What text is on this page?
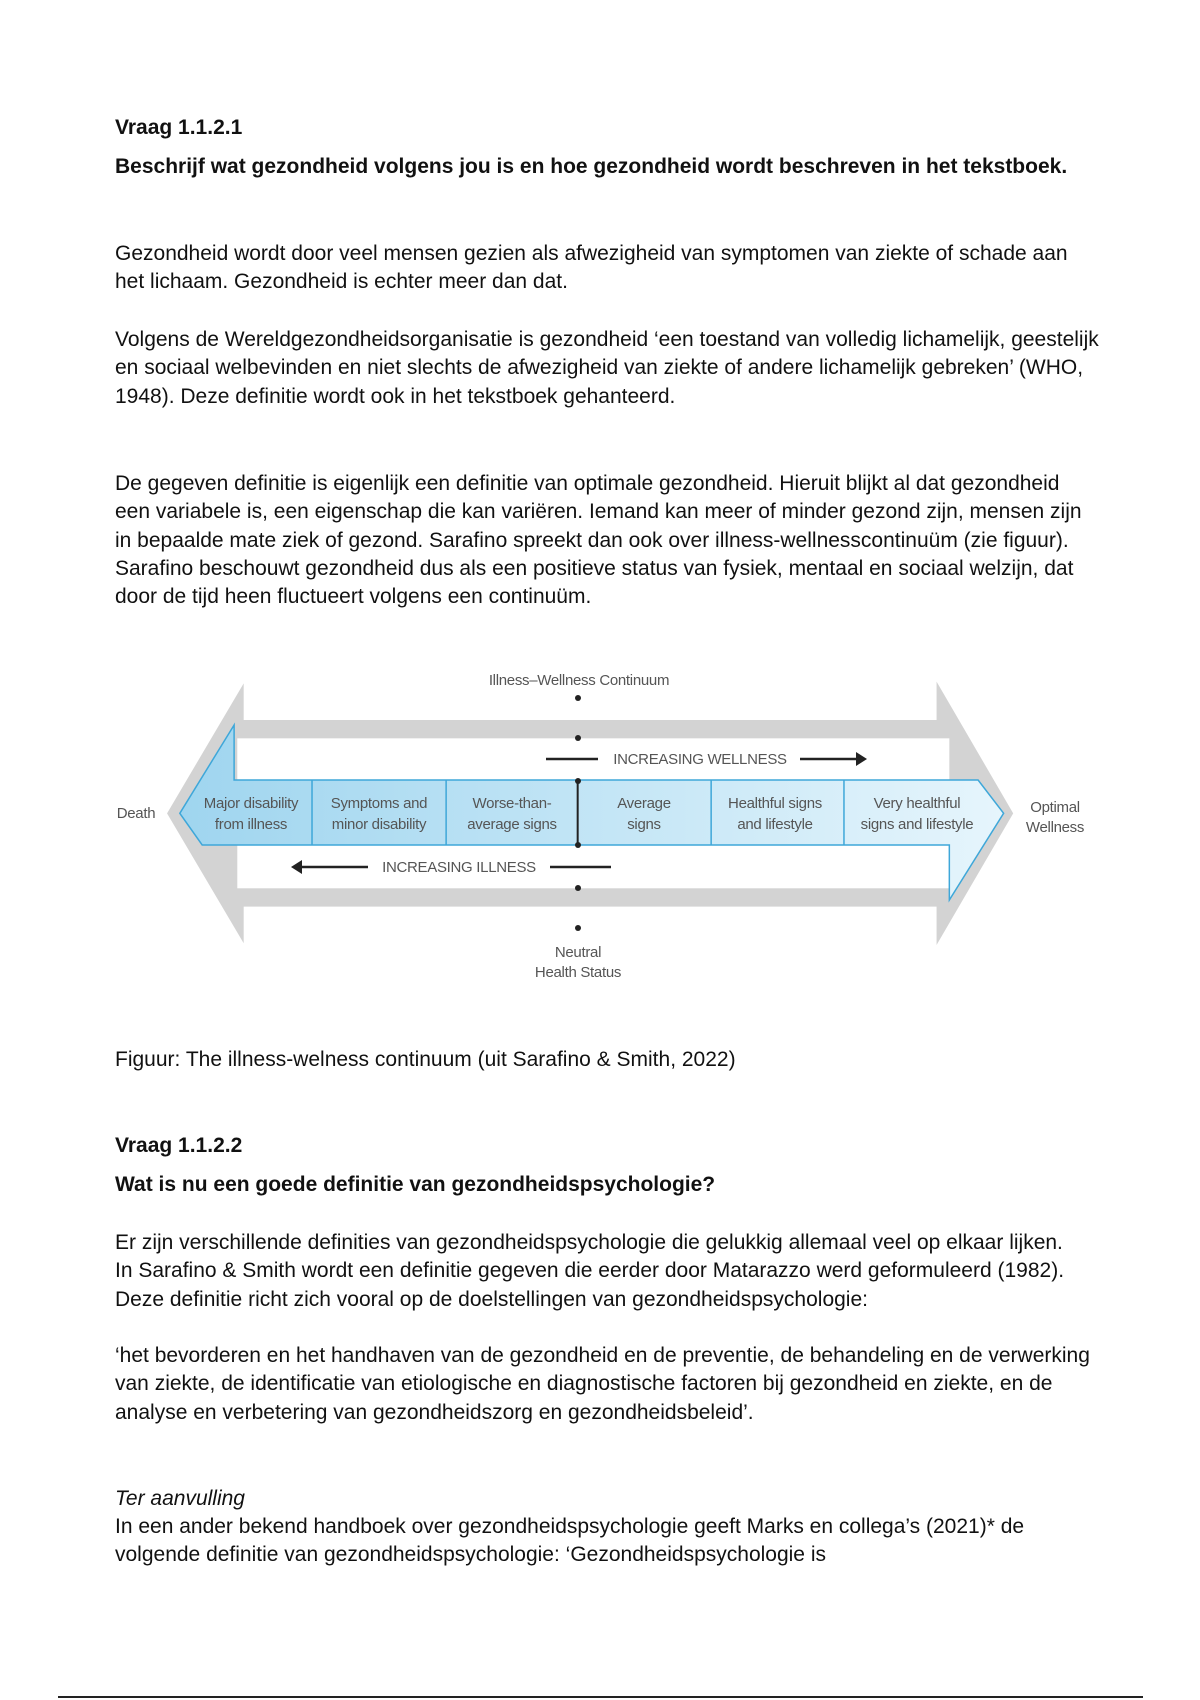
Vraag 1.1.2.1
Beschrijf wat gezondheid volgens jou is en hoe gezondheid wordt beschreven in het tekstboek.

Gezondheid wordt door veel mensen gezien als afwezigheid van symptomen van ziekte of schade aan het lichaam. Gezondheid is echter meer dan dat.

Volgens de Wereldgezondheidsorganisatie is gezondheid ‘een toestand van volledig lichamelijk, geestelijk en sociaal welbevinden en niet slechts de afwezigheid van ziekte of andere lichamelijk gebreken’ (WHO, 1948). Deze definitie wordt ook in het tekstboek gehanteerd.

De gegeven definitie is eigenlijk een definitie van optimale gezondheid. Hieruit blijkt al dat gezondheid een variabele is, een eigenschap die kan variëren. Iemand kan meer of minder gezond zijn, mensen zijn in bepaalde mate ziek of gezond. Sarafino spreekt dan ook over illness-wellnesscontinuüm (zie figuur). Sarafino beschouwt gezondheid dus als een positieve status van fysiek, mentaal en sociaal welzijn, dat door de tijd heen fluctueert volgens een continuüm.

Illness–Wellness Continuum
INCREASING WELLNESS
INCREASING ILLNESS
Death	Optimal
Wellness
Neutral
Health Status
Major disability
from illness
Symptoms and
minor disability
Worse-than-
average signs
Average
signs
Healthful signs
and lifestyle
Very healthful
signs and lifestyle
Figuur: The illness-welness continuum (uit Sarafino & Smith, 2022)
Vraag 1.1.2.2
Wat is nu een goede definitie van gezondheidspsychologie?

Er zijn verschillende definities van gezondheidspsychologie die gelukkig allemaal veel op elkaar lijken. In Sarafino & Smith wordt een definitie gegeven die eerder door Matarazzo werd geformuleerd (1982). Deze definitie richt zich vooral op de doelstellingen van gezondheidspsychologie:

‘het bevorderen en het handhaven van de gezondheid en de preventie, de behandeling en de verwerking van ziekte, de identificatie van etiologische en diagnostische factoren bij gezondheid en ziekte, en de analyse en verbetering van gezondheidszorg en gezondheidsbeleid’.

Ter aanvulling

In een ander bekend handboek over gezondheidspsychologie geeft Marks en collega’s (2021)* de volgende definitie van gezondheidspsychologie: ‘Gezondheidspsychologie is
